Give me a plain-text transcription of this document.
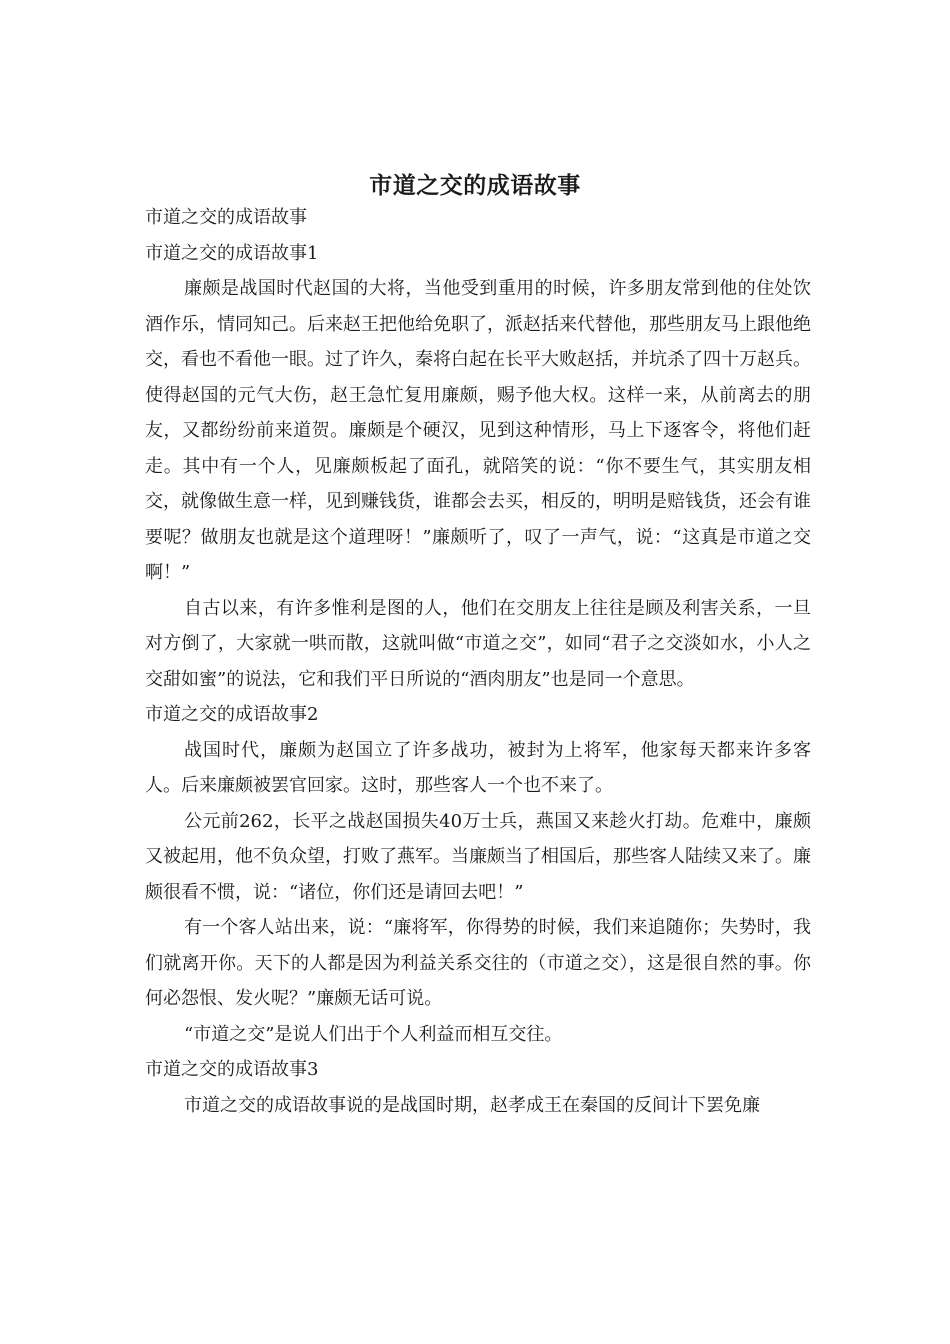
市道之交的成语故事

市道之交的成语故事

市道之交的成语故事1

廉颇是战国时代赵国的大将，当他受到重用的时候，许多朋友常到他的住处饮酒作乐，情同知己。后来赵王把他给免职了，派赵括来代替他，那些朋友马上跟他绝交，看也不看他一眼。过了许久，秦将白起在长平大败赵括，并坑杀了四十万赵兵。使得赵国的元气大伤，赵王急忙复用廉颇，赐予他大权。这样一来，从前离去的朋友，又都纷纷前来道贺。廉颇是个硬汉，见到这种情形，马上下逐客令，将他们赶走。其中有一个人，见廉颇板起了面孔，就陪笑的说：“你不要生气，其实朋友相交，就像做生意一样，见到赚钱货，谁都会去买，相反的，明明是赔钱货，还会有谁要呢？做朋友也就是这个道理呀！”廉颇听了，叹了一声气，说：“这真是市道之交啊！”

自古以来，有许多惟利是图的人，他们在交朋友上往往是顾及利害关系，一旦对方倒了，大家就一哄而散，这就叫做“市道之交”，如同“君子之交淡如水，小人之交甜如蜜”的说法，它和我们平日所说的“酒肉朋友”也是同一个意思。

市道之交的成语故事2

战国时代，廉颇为赵国立了许多战功，被封为上将军，他家每天都来许多客人。后来廉颇被罢官回家。这时，那些客人一个也不来了。

公元前262，长平之战赵国损失40万士兵，燕国又来趁火打劫。危难中，廉颇又被起用，他不负众望，打败了燕军。当廉颇当了相国后，那些客人陆续又来了。廉颇很看不惯，说：“诸位，你们还是请回去吧！”

有一个客人站出来，说：“廉将军，你得势的时候，我们来追随你；失势时，我们就离开你。天下的人都是因为利益关系交往的（市道之交），这是很自然的事。你何必怨恨、发火呢？”廉颇无话可说。

“市道之交”是说人们出于个人利益而相互交往。

市道之交的成语故事3

市道之交的成语故事说的是战国时期，赵孝成王在秦国的反间计下罢免廉
